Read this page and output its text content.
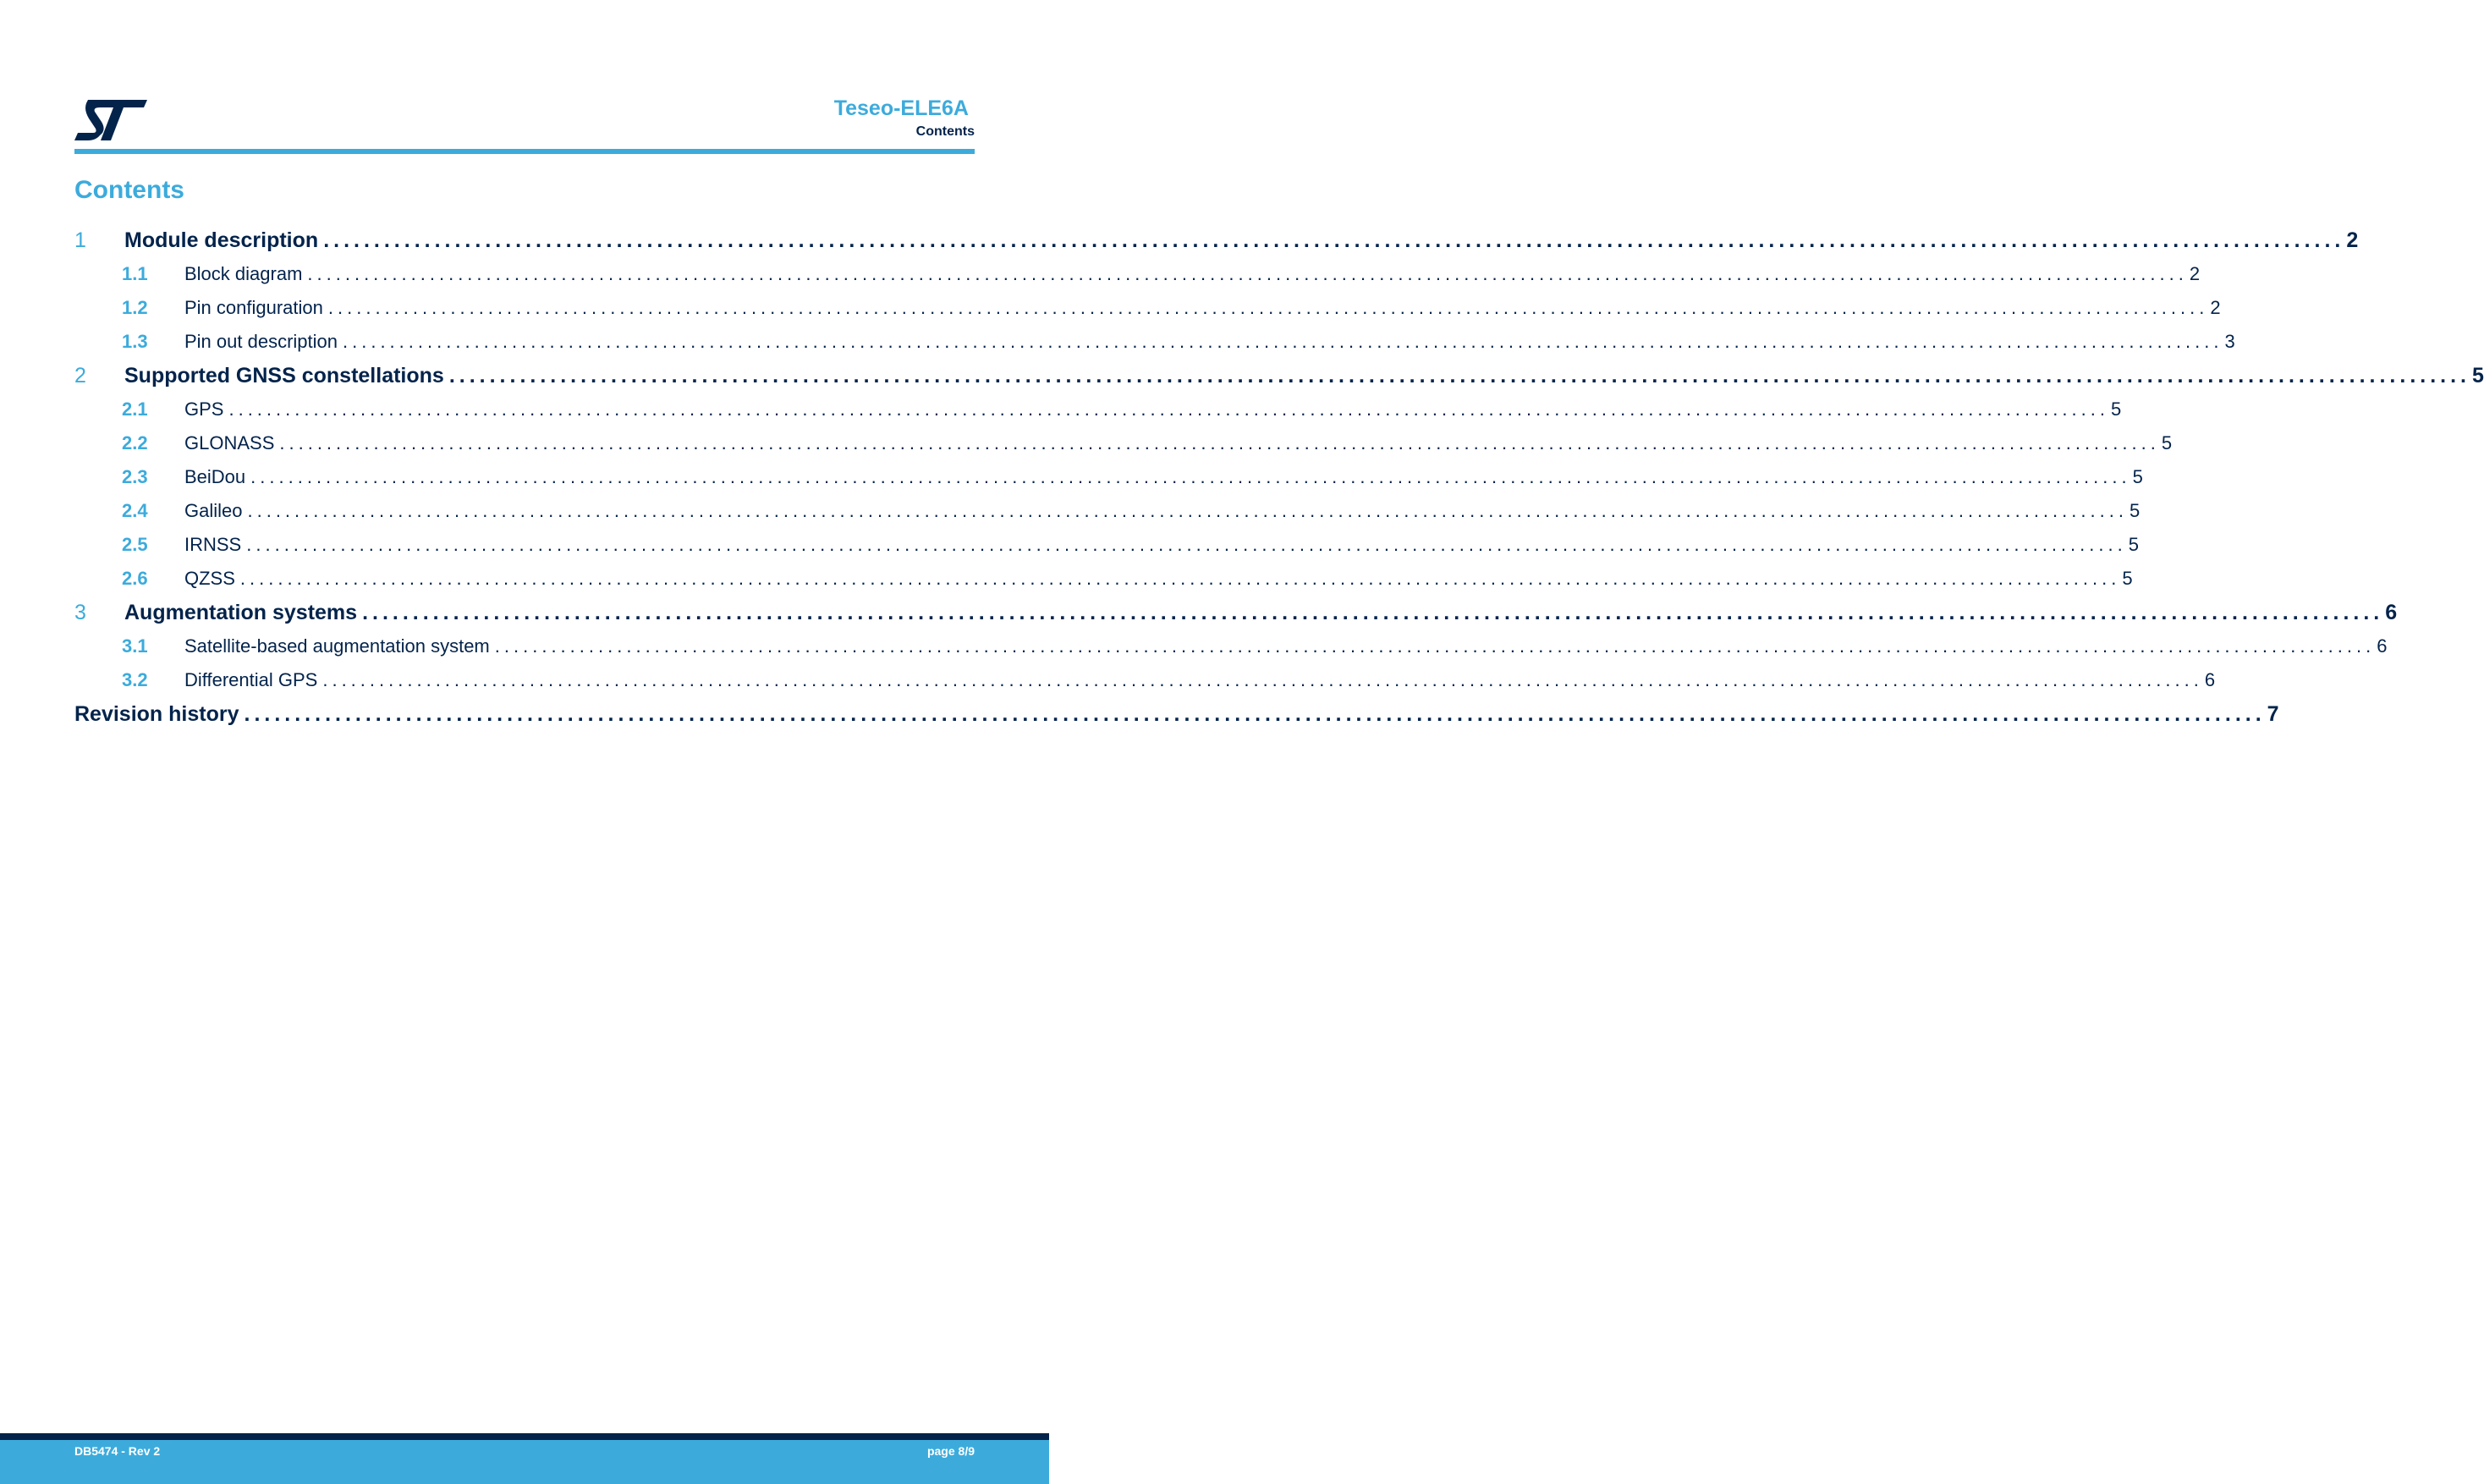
Teseo-ELE6A
Contents
Contents
1	Module description ........................................................................................................................................................................................................ 2
1.1	Block diagram ........................................................................................................................................................................................................ 2
1.2	Pin configuration ........................................................................................................................................................................................................ 2
1.3	Pin out description ........................................................................................................................................................................................................ 3
2	Supported GNSS constellations ........................................................................................................................................................................................................ 5
2.1	GPS ........................................................................................................................................................................................................ 5
2.2	GLONASS ........................................................................................................................................................................................................ 5
2.3	BeiDou ........................................................................................................................................................................................................ 5
2.4	Galileo ........................................................................................................................................................................................................ 5
2.5	IRNSS ........................................................................................................................................................................................................ 5
2.6	QZSS ........................................................................................................................................................................................................ 5
3	Augmentation systems ........................................................................................................................................................................................................ 6
3.1	Satellite-based augmentation system ........................................................................................................................................................................................................ 6
3.2	Differential GPS ........................................................................................................................................................................................................ 6
Revision history ........................................................................................................................................................................................................ 7
DB5474 - Rev 2	page 8/9
